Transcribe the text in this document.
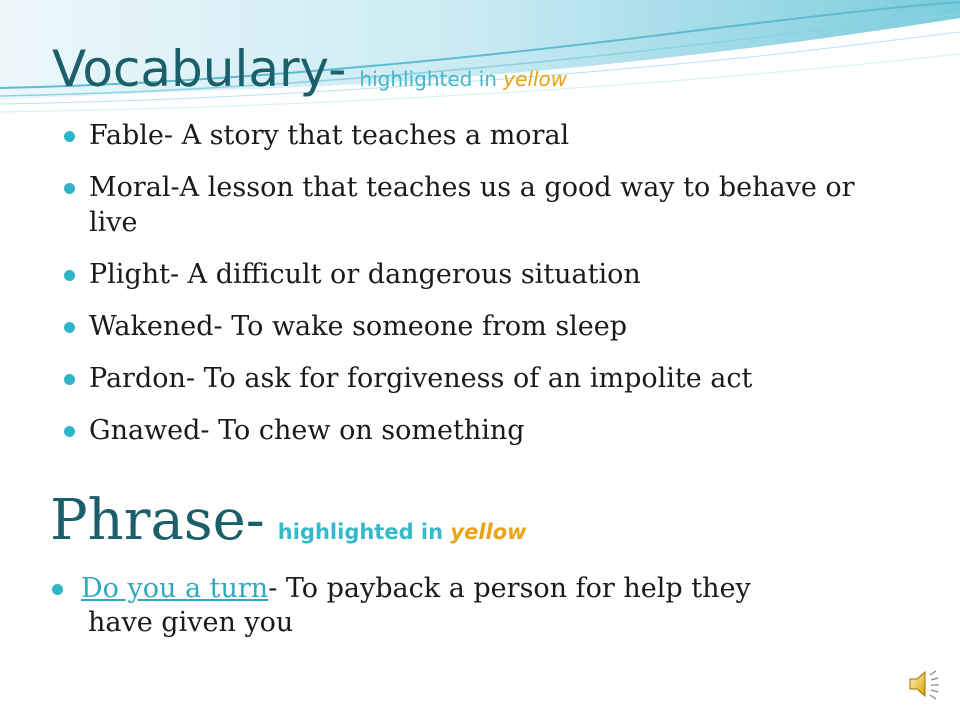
Vocabulary- highlighted in yellow
Fable- A story that teaches a moral
Moral-A lesson that teaches us a good way to behave or live
Plight- A difficult or dangerous situation
Wakened- To wake someone from sleep
Pardon- To ask for forgiveness of an impolite act
Gnawed- To chew on something
Phrase- highlighted in yellow
Do you a turn- To payback a person for help they
have given you
